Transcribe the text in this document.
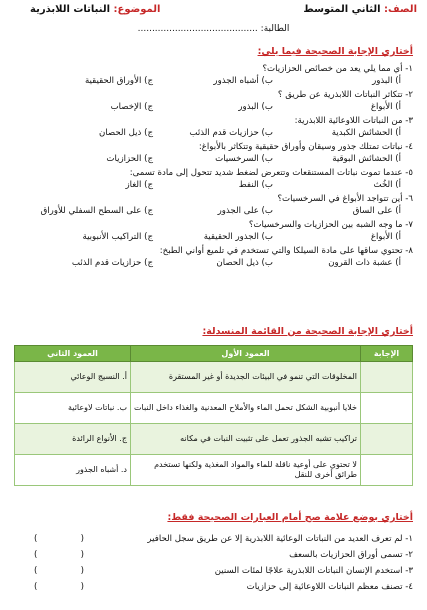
الصف: الثاني المتوسط
الموضوع: النباتات اللابذرية
الطالبة: ..........................................
أختاري الإجابة الصحيحة فيما يلي:
١- أي مما يلي يعد من خصائص الحزازيات؟
أ) البذور
ب) أشباه الجذور
ج) الأوراق الحقيقية
٢- تتكاثر النباتات اللابذرية عن طريق ؟
أ) الأبواغ
ب) البذور
ج) الإخصاب
٣- من النباتات اللاوعائية اللابذرية:
أ) الحشائش الكبدية
ب) حزازيات قدم الذئب
ج) ذيل الحصان
٤- نباتات تمتلك جذور وسيقان وأوراق حقيقية وتتكاثر بالأبواغ:
أ) الحشائش البوقية
ب) السرخسيات
ج) الحزازيات
٥- عندما تموت نباتات المستنقعات وتتعرض لضغط شديد تتحول إلى مادة تسمى:
أ) الخُث
ب) النفط
ج) الغاز
٦- أين تتواجد الأبواغ في السرخسيات؟
أ) على الساق
ب) على الجذور
ج) على السطح السفلي للأوراق
٧- ما وجه الشبه بين الحزازيات والسرخسيات؟
أ) الأبواغ
ب) الجذور الحقيقية
ج) التراكيب الأنبوبية
٨- تحتوي ساقها على مادة السيلكا والتي تستخدم في تلميع أواني الطبخ:
أ) عشبة ذات القرون
ب) ذيل الحصان
ج) حزازيات قدم الذئب
أختاري الإجابة الصحيحة من القائمة المنسدلة:
الإجابة	العمود الأول	العمود الثاني
	المخلوقات التي تنمو في البيئات الجديدة أو غير المستقرة	أ. النسيج الوعائي
	خلايا أنبوبية الشكل تحمل الماء والأملاح المعدنية والغذاء داخل النبات	ب. نباتات لاوعائية
	تراكيب تشبه الجذور تعمل على تثبيت النبات في مكانه	ج. الأنواع الرائدة
	لا تحتوي على أوعية ناقلة للماء والمواد المغذية ولكنها تستخدم طرائق أخرى للنقل	د. أشباه الجذور
أختاري بوضع علامة صح أمام العبارات الصحيحة فقط:
١- لم تعرف العديد من النباتات الوعائية اللابذرية إلا عن طريق سجل الحافير
(
)
٢- تسمى أوراق الحزازيات بالسعف
(
)
٣- استخدم الإنسان النباتات اللابذرية علاجًا لمئات السنين
(
)
٤- تصنف معظم النباتات اللاوعائية إلى حزازيات
(
)
